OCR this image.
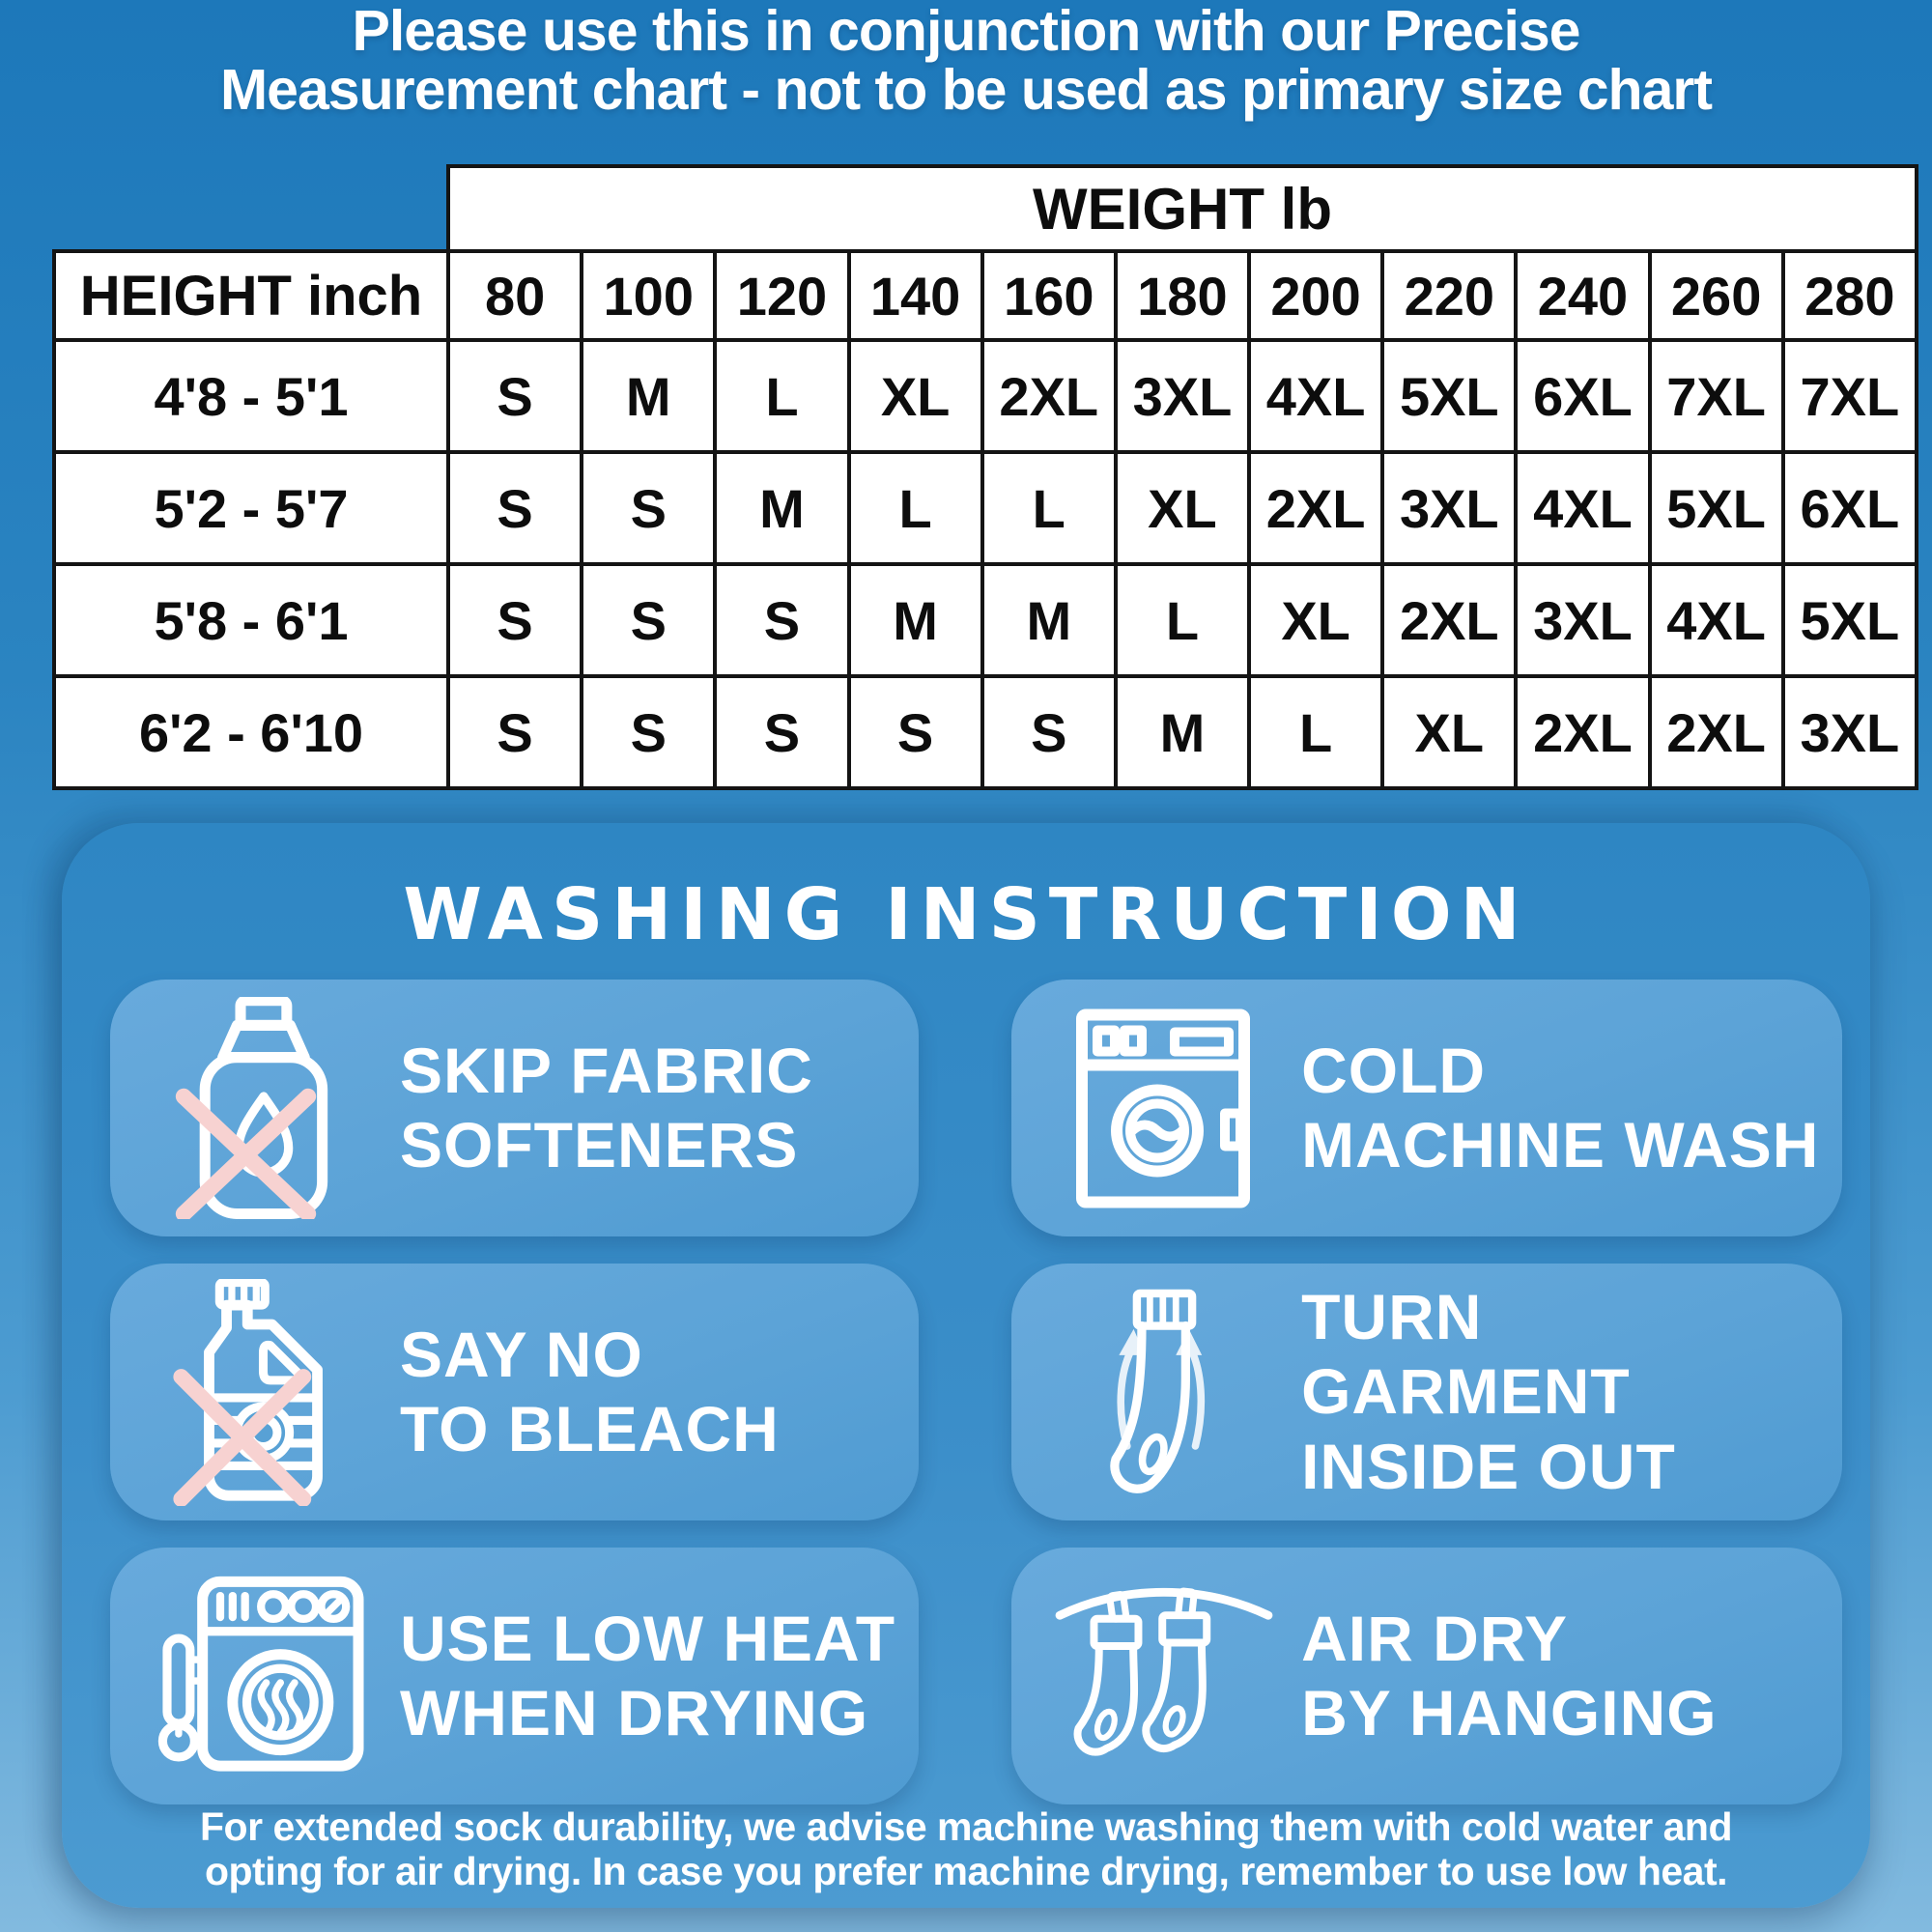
Please use this in conjunction with our Precise
Measurement chart - not to be used as primary size chart
	WEIGHT lb										
HEIGHT inch	80	100	120	140	160	180	200	220	240	260	280
4'8 - 5'1	S	M	L	XL	2XL	3XL	4XL	5XL	6XL	7XL	7XL
5'2 - 5'7	S	S	M	L	L	XL	2XL	3XL	4XL	5XL	6XL
5'8 - 6'1	S	S	S	M	M	L	XL	2XL	3XL	4XL	5XL
6'2 - 6'10	S	S	S	S	S	M	L	XL	2XL	2XL	3XL
WASHING INSTRUCTION
SKIP FABRIC
SOFTENERS
COLD
MACHINE WASH
SAY NO
TO BLEACH
TURN
GARMENT
INSIDE OUT
USE LOW HEAT
WHEN DRYING
AIR DRY
BY HANGING
For extended sock durability, we advise machine washing them with cold water and
opting for air drying. In case you prefer machine drying, remember to use low heat.
